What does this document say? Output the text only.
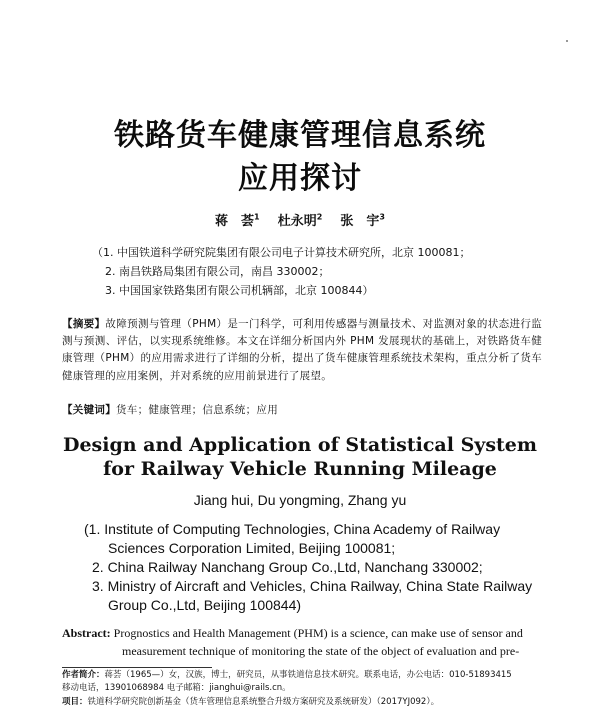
铁路货车健康管理信息系统
应用探讨
蒋　荟$^1$ 杜永明$^2$ 张　宇$^3$
（1. 中国铁道科学研究院集团有限公司电子计算技术研究所，北京 100081；
2. 南昌铁路局集团有限公司，南昌 330002；
3. 中国国家铁路集团有限公司机辆部，北京 100844）
【摘要】故障预测与管理（PHM）是一门科学，可利用传感器与测量技术、对监测对象的状态进行监测与预测、评估，以实现系统维修。本文在详细分析国内外 PHM 发展现状的基础上，对铁路货车健康管理（PHM）的应用需求进行了详细的分析，提出了货车健康管理系统技术架构，重点分析了货车健康管理的应用案例，并对系统的应用前景进行了展望。
【关键词】货车；健康管理；信息系统；应用
Design and Application of Statistical System
for Railway Vehicle Running Mileage
Jiang hui, Du yongming, Zhang yu
(1. Institute of Computing Technologies, China Academy of Railway
Sciences Corporation Limited, Beijing 100081;
2. China Railway Nanchang Group Co.,Ltd, Nanchang 330002;
3. Ministry of Aircraft and Vehicles, China Railway, China State Railway
Group Co.,Ltd, Beijing 100844)
Abstract: Prognostics and Health Management (PHM) is a science, can make use of sensor and
measurement technique of monitoring the state of the object of evaluation and pre-
作者简介：蒋荟（1965—）女，汉族，博士，研究员，从事铁道信息技术研究。联系电话，办公电话：010-51893415
移动电话，13901068984 电子邮箱：jianghui@rails.cn。
项目：铁道科学研究院创新基金（货车管理信息系统整合升级方案研究及系统研发）（2017YJ092）。
